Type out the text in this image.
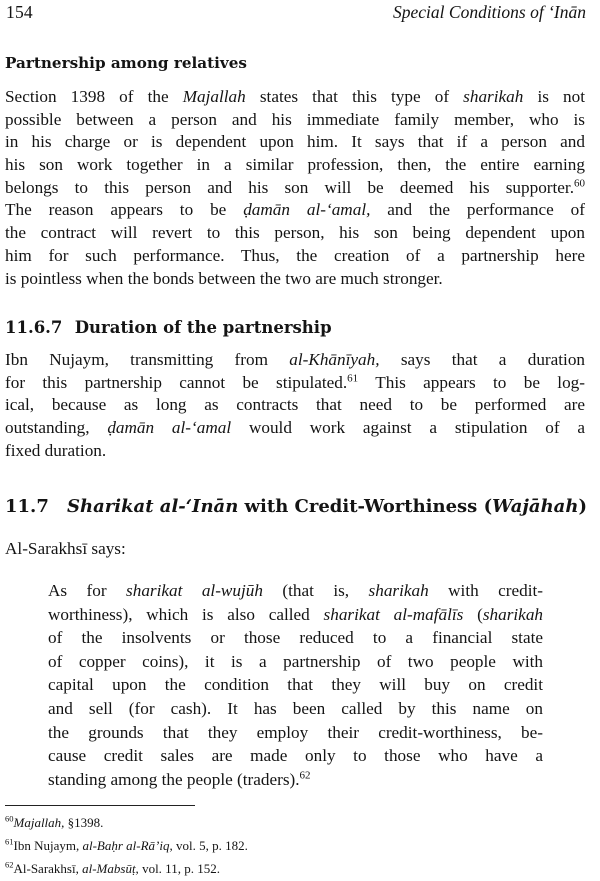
154	Special Conditions of ‘Inān
Partnership among relatives
Section 1398 of the Majallah states that this type of sharikah is not
possible between a person and his immediate family member, who is
in his charge or is dependent upon him. It says that if a person and
his son work together in a similar profession, then, the entire earning
belongs to this person and his son will be deemed his supporter.$^{60}$
The reason appears to be ḍamān al-‘amal, and the performance of
the contract will revert to this person, his son being dependent upon
him for such performance. Thus, the creation of a partnership here
is pointless when the bonds between the two are much stronger.
11.6.7 Duration of the partnership
Ibn Nujaym, transmitting from al-Khānīyah, says that a duration
for this partnership cannot be stipulated.$^{61}$ This appears to be log-
ical, because as long as contracts that need to be performed are
outstanding, ḍamān al-‘amal would work against a stipulation of a
fixed duration.
11.7 Sharikat al-‘Inān with Credit-Worthiness (Wajāhah)
Al-Sarakhsī says:
As for sharikat al-wujūh (that is, sharikah with credit-
worthiness), which is also called sharikat al-mafālīs (sharikah
of the insolvents or those reduced to a financial state
of copper coins), it is a partnership of two people with
capital upon the condition that they will buy on credit
and sell (for cash). It has been called by this name on
the grounds that they employ their credit-worthiness, be-
cause credit sales are made only to those who have a
standing among the people (traders).$^{62}$
$^{60}$Majallah, §1398.
$^{61}$Ibn Nujaym, al-Baḥr al-Rā’iq, vol. 5, p. 182.
$^{62}$Al-Sarakhsī, al-Mabsūṭ, vol. 11, p. 152.
